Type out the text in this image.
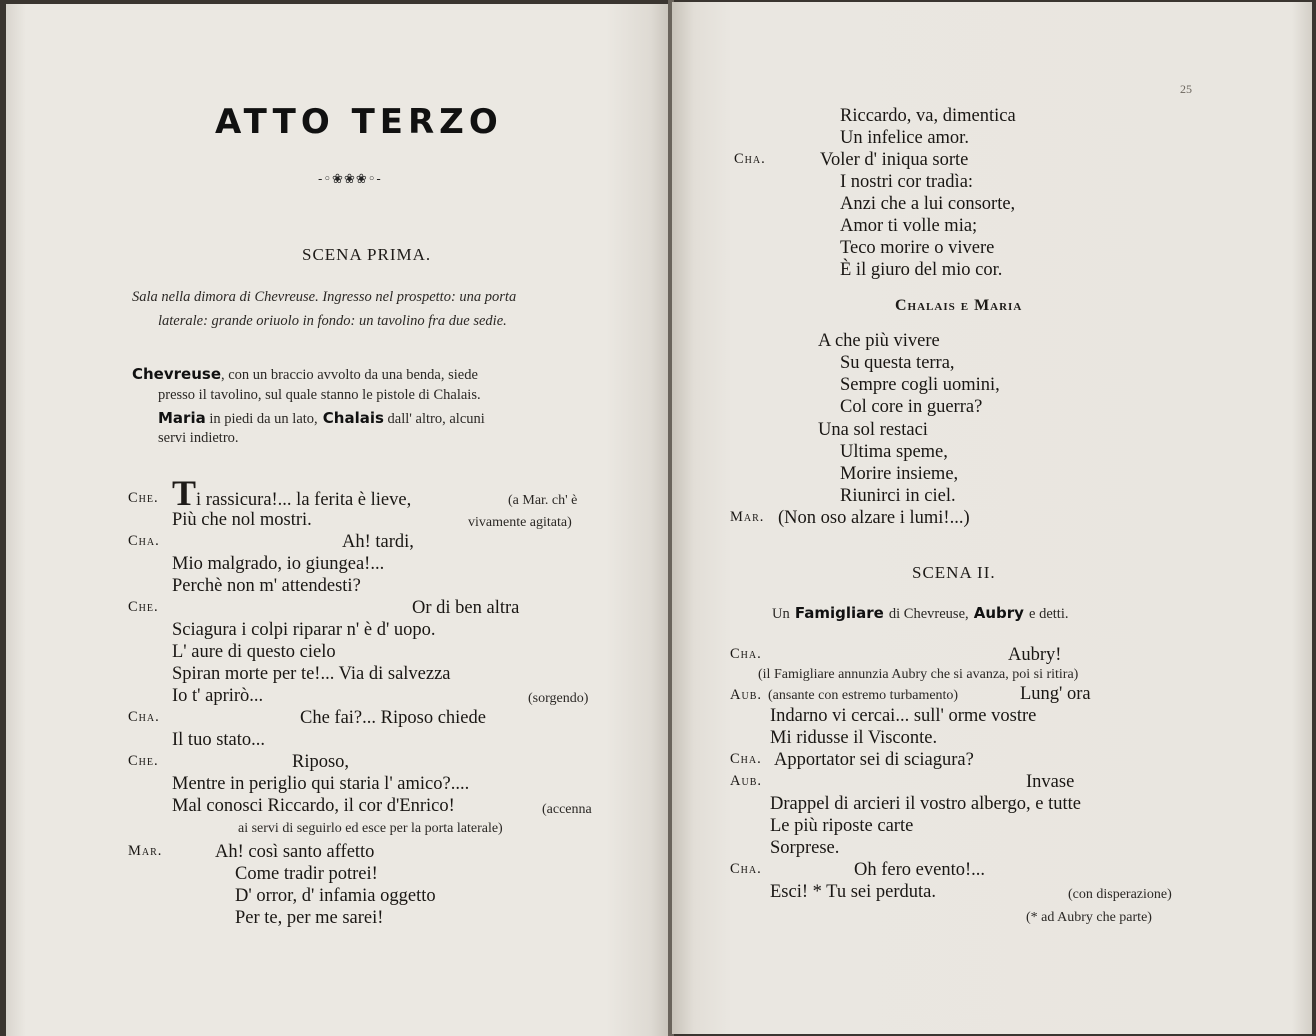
ATTO TERZO
-◦❀❀❀◦-
SCENA PRIMA.
Sala nella dimora di Chevreuse. Ingresso nel prospetto: una porta
laterale: grande oriuolo in fondo: un tavolino fra due sedie.
Chevreuse, con un braccio avvolto da una benda, siede
presso il tavolino, sul quale stanno le pistole di Chalais.
Maria in piedi da un lato, Chalais dall' altro, alcuni
servi indietro.
Che. Ti rassicura!... la ferita è lieve,	(a Mar. ch' è
Più che nol mostri.	vivamente agitata)
Cha.	Ah! tardi,
Mio malgrado, io giungea!...
Perchè non m' attendesti?
Che.	Or di ben altra
Sciagura i colpi riparar n' è d' uopo.
L' aure di questo cielo
Spiran morte per te!... Via di salvezza
Io t' aprirò...	(sorgendo)
Cha.	Che fai?... Riposo chiede
Il tuo stato...
Che.	Riposo,
Mentre in periglio qui staria l' amico?....
Mal conosci Riccardo, il cor d'Enrico!	(accenna
ai servi di seguirlo ed esce per la porta laterale)
Mar.	Ah! così santo affetto
Come tradir potrei!
D' orror, d' infamia oggetto
Per te, per me sarei!
25
Riccardo, va, dimentica
Un infelice amor.
Cha.	Voler d' iniqua sorte
I nostri cor tradìa:
Anzi che a lui consorte,
Amor ti volle mia;
Teco morire o vivere
È il giuro del mio cor.
Chalais e Maria
A che più vivere
Su questa terra,
Sempre cogli uomini,
Col core in guerra?
Una sol restaci
Ultima speme,
Morire insieme,
Riunirci in ciel.
Mar. (Non oso alzare i lumi!...)
SCENA II.
Un Famigliare di Chevreuse, Aubry e detti.
Cha.	Aubry!
(il Famigliare annunzia Aubry che si avanza, poi si ritira)
Aub. (ansante con estremo turbamento)	Lung' ora
Indarno vi cercai... sull' orme vostre
Mi ridusse il Visconte.
Cha. Apportator sei di sciagura?
Aub.	Invase
Drappel di arcieri il vostro albergo, e tutte
Le più riposte carte
Sorprese.
Cha.	Oh fero evento!...
Esci! * Tu sei perduta.	(con disperazione)
(* ad Aubry che parte)
